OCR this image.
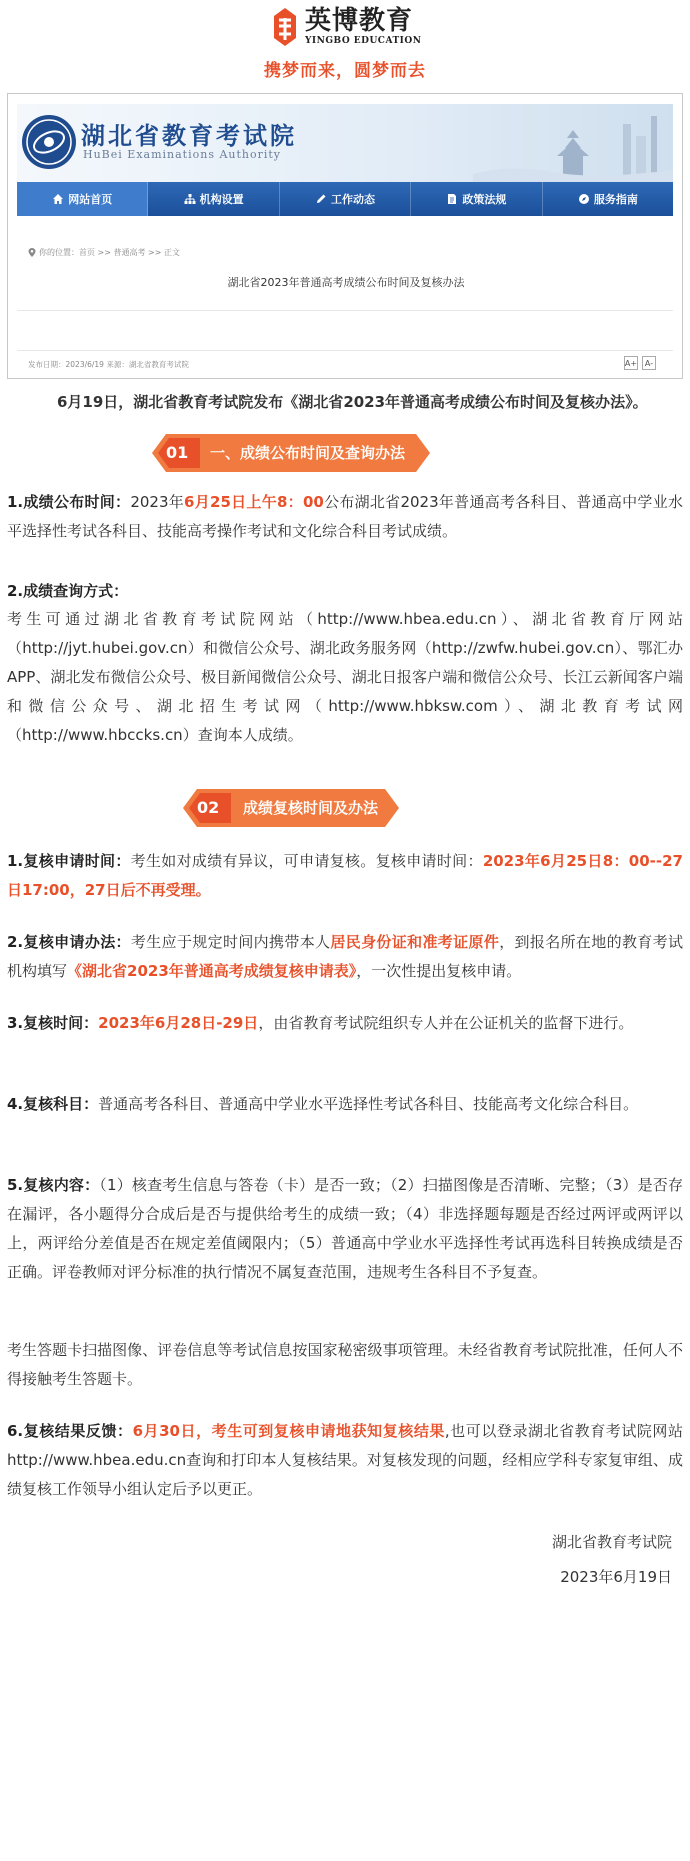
英博教育
YINGBO EDUCATION
携梦而来，圆梦而去
湖北省教育考试院
HuBei Examinations Authority
网站首页	机构设置	工作动态	政策法规	服务指南
你的位置：首页 >> 普通高考 >> 正文
湖北省2023年普通高考成绩公布时间及复核办法
发布日期：2023/6/19 来源：湖北省教育考试院	A+ A-
6月19日，湖北省教育考试院发布《湖北省2023年普通高考成绩公布时间及复核办法》。
01 一、成绩公布时间及查询办法
1.成绩公布时间：2023年6月25日上午8：00公布湖北省2023年普通高考各科目、普通高中学业水平选择性考试各科目、技能高考操作考试和文化综合科目考试成绩。
2.成绩查询方式：
考生可通过湖北省教育考试院网站（http://www.hbea.edu.cn）、湖北省教育厅网站（http://jyt.hubei.gov.cn）和微信公众号、湖北政务服务网（http://zwfw.hubei.gov.cn）、鄂汇办APP、湖北发布微信公众号、极目新闻微信公众号、湖北日报客户端和微信公众号、长江云新闻客户端和微信公众号、湖北招生考试网（http://www.hbksw.com）、湖北教育考试网（http://www.hbccks.cn）查询本人成绩。
02 成绩复核时间及办法
1.复核申请时间：考生如对成绩有异议，可申请复核。复核申请时间：2023年6月25日8：00--27日17:00，27日后不再受理。
2.复核申请办法：考生应于规定时间内携带本人居民身份证和准考证原件，到报名所在地的教育考试机构填写《湖北省2023年普通高考成绩复核申请表》，一次性提出复核申请。
3.复核时间：2023年6月28日-29日，由省教育考试院组织专人并在公证机关的监督下进行。
4.复核科目：普通高考各科目、普通高中学业水平选择性考试各科目、技能高考文化综合科目。
5.复核内容：（1）核查考生信息与答卷（卡）是否一致；（2）扫描图像是否清晰、完整；（3）是否存在漏评，各小题得分合成后是否与提供给考生的成绩一致；（4）非选择题每题是否经过两评或两评以上，两评给分差值是否在规定差值阈限内；（5）普通高中学业水平选择性考试再选科目转换成绩是否正确。评卷教师对评分标准的执行情况不属复查范围，违规考生各科目不予复查。
考生答题卡扫描图像、评卷信息等考试信息按国家秘密级事项管理。未经省教育考试院批准，任何人不得接触考生答题卡。
6.复核结果反馈：6月30日，考生可到复核申请地获知复核结果,也可以登录湖北省教育考试院网站 http://www.hbea.edu.cn查询和打印本人复核结果。对复核发现的问题，经相应学科专家复审组、成绩复核工作领导小组认定后予以更正。
湖北省教育考试院
2023年6月19日
